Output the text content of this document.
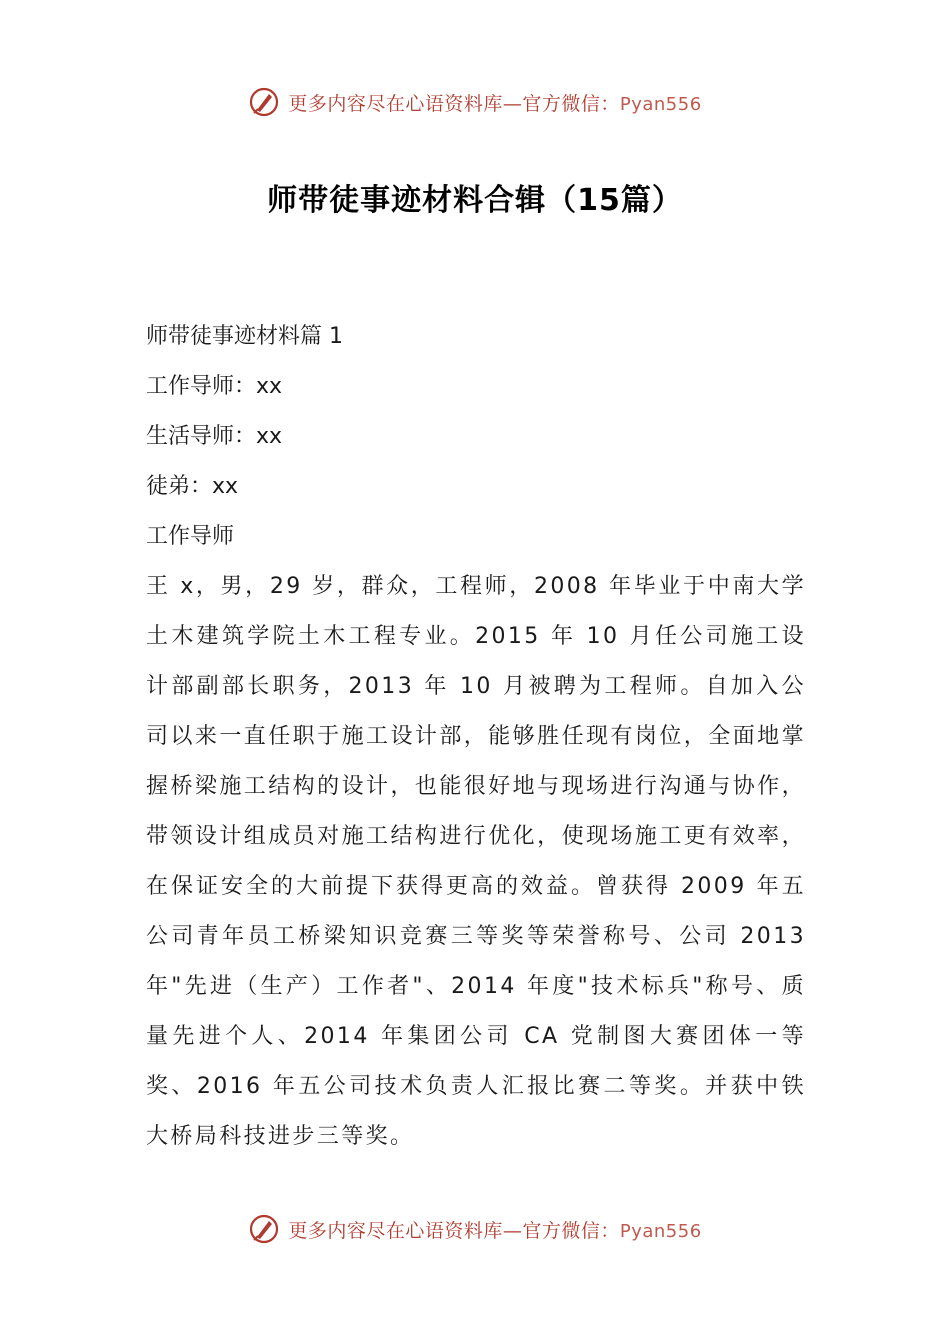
更多内容尽在心语资料库—官方微信：Pyan556
师带徒事迹材料合辑（15篇）
师带徒事迹材料篇 1
工作导师：xx
生活导师：xx
徒弟：xx
工作导师
王 x，男，29 岁，群众，工程师，2008 年毕业于中南大学土木建筑学院土木工程专业。2015 年 10 月任公司施工设计部副部长职务，2013 年 10 月被聘为工程师。自加入公司以来一直任职于施工设计部，能够胜任现有岗位，全面地掌握桥梁施工结构的设计，也能很好地与现场进行沟通与协作，带领设计组成员对施工结构进行优化，使现场施工更有效率，在保证安全的大前提下获得更高的效益。曾获得 2009 年五公司青年员工桥梁知识竞赛三等奖等荣誉称号、公司 2013 年"先进（生产）工作者"、2014 年度"技术标兵"称号、质量先进个人、2014 年集团公司 CA 党制图大赛团体一等奖、2016 年五公司技术负责人汇报比赛二等奖。并获中铁大桥局科技进步三等奖。
更多内容尽在心语资料库—官方微信：Pyan556
